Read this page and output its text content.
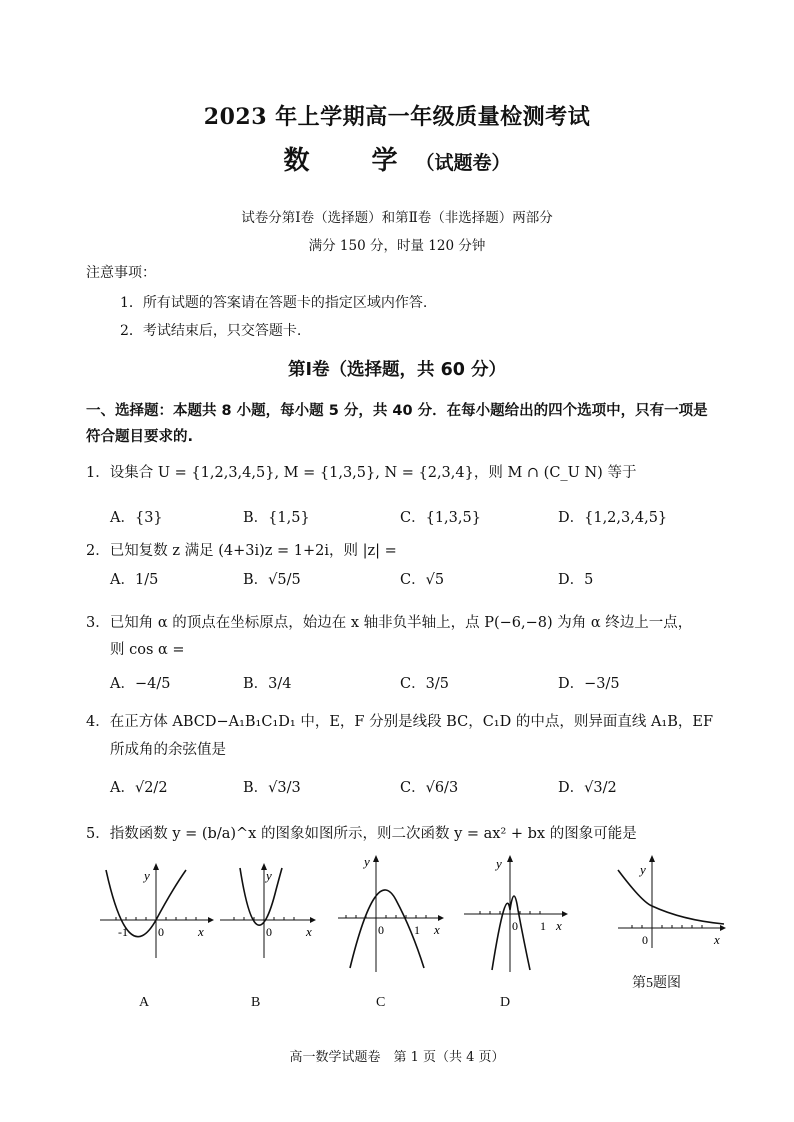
2023 年上学期高一年级质量检测考试
数　学（试题卷）
试卷分第Ⅰ卷（选择题）和第Ⅱ卷（非选择题）两部分
满分 150 分，时量 120 分钟
注意事项：
1．所有试题的答案请在答题卡的指定区域内作答.
2．考试结束后，只交答题卡.
第Ⅰ卷（选择题，共 60 分）
一、选择题：本题共 8 小题，每小题 5 分，共 40 分．在每小题给出的四个选项中，只有一项是符合题目要求的.
1．设集合 U = {1,2,3,4,5}, M = {1,3,5}, N = {2,3,4}，则 M ∩ (C_U N) 等于
A．{3}	B．{1,5}	C．{1,3,5}	D．{1,2,3,4,5}
2．已知复数 z 满足 (4+3i)z = 1+2i，则 |z| =
A．1/5	B．√5/5	C．√5	D．5
3．已知角 α 的顶点在坐标原点，始边在 x 轴非负半轴上，点 P(−6,−8) 为角 α 终边上一点，
则 cos α =
A．−4/5	B．3/4	C．3/5	D．−3/5
4．在正方体 ABCD−A₁B₁C₁D₁ 中，E，F 分别是线段 BC，C₁D 的中点，则异面直线 A₁B，EF
所成角的余弦值是
A．√2/2	B．√3/3	C．√6/3	D．√3/2
5．指数函数 y = (b/a)^x 的图象如图所示，则二次函数 y = ax² + bx 的图象可能是
y
x
0
-1
y
x
0
y
x
0	1
y
x
0 1
y
x
0
A	B	C	D
第5题图
高一数学试题卷　第 1 页（共 4 页）
